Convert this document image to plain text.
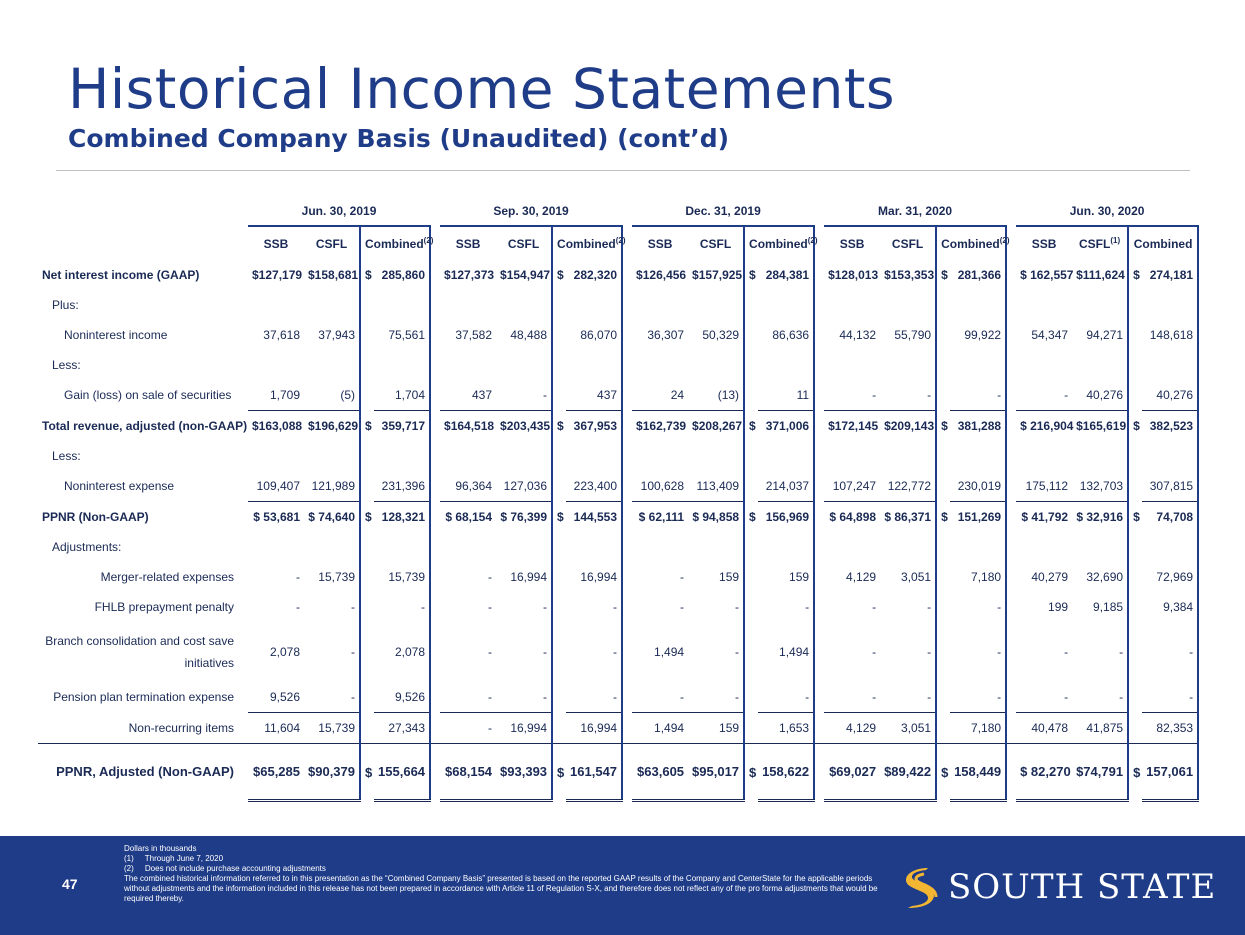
Historical Income Statements
Combined Company Basis (Unaudited) (cont’d)
		Jun. 30, 2019					Sep. 30, 2019					Dec. 31, 2019					Mar. 31, 2020					Jun. 30, 2020			
		SSB	CSFL	Combined$^{(2)}$			SSB	CSFL	Combined$^{(2)}$			SSB	CSFL	Combined$^{(2)}$			SSB	CSFL	Combined$^{(2)}$			SSB	CSFL$^{(1)}$	Combined	
Net interest income (GAAP)		$127,179	$158,681	$	285,860		$127,373	$154,947	$	282,320		$126,456	$157,925	$	284,381		$128,013	$153,353	$	281,366		$ 162,557	$111,624	$	274,181
Plus:																									
Noninterest income		37,618	37,943		75,561		37,582	48,488		86,070		36,307	50,329		86,636		44,132	55,790		99,922		54,347	94,271		148,618
Less:																									
Gain (loss) on sale of securities		1,709	(5)		1,704		437	-		437		24	(13)		11		-	-		-		-	40,276		40,276
Total revenue, adjusted (non-GAAP)		$163,088	$196,629	$	359,717		$164,518	$203,435	$	367,953		$162,739	$208,267	$	371,006		$172,145	$209,143	$	381,288		$ 216,904	$165,619	$	382,523
Less:																									
Noninterest expense		109,407	121,989		231,396		96,364	127,036		223,400		100,628	113,409		214,037		107,247	122,772		230,019		175,112	132,703		307,815
PPNR (Non-GAAP)		$ 53,681	$ 74,640	$	128,321		$ 68,154	$ 76,399	$	144,553		$ 62,111	$ 94,858	$	156,969		$ 64,898	$ 86,371	$	151,269		$ 41,792	$ 32,916	$	74,708
Adjustments:																									
Merger-related expenses		-	15,739		15,739		-	16,994		16,994		-	159		159		4,129	3,051		7,180		40,279	32,690		72,969
FHLB prepayment penalty		-	-		-		-	-		-		-	-		-		-	-		-		199	9,185		9,384
Branch consolidation and cost save initiatives		2,078	-		2,078		-	-		-		1,494	-		1,494		-	-		-		-	-		-
Pension plan termination expense		9,526	-		9,526		-	-		-		-	-		-		-	-		-		-	-		-
Non-recurring items		11,604	15,739		27,343		-	16,994		16,994		1,494	159		1,653		4,129	3,051		7,180		40,478	41,875		82,353
PPNR, Adjusted (Non-GAAP)		$65,285	$90,379	$	155,664		$68,154	$93,393	$	161,547		$63,605	$95,017	$	158,622		$69,027	$89,422	$	158,449		$ 82,270	$74,791	$	157,061
47
Dollars in thousands
(1)     Through June 7, 2020
(2)     Does not include purchase accounting adjustments
The combined historical information referred to in this presentation as the “Combined Company Basis” presented is based on the reported GAAP results of the Company and CenterState for the applicable periods without adjustments and the information included in this release has not been prepared in accordance with Article 11 of Regulation S-X, and therefore does not reflect any of the pro forma adjustments that would be required thereby.	SOUTH STATE
